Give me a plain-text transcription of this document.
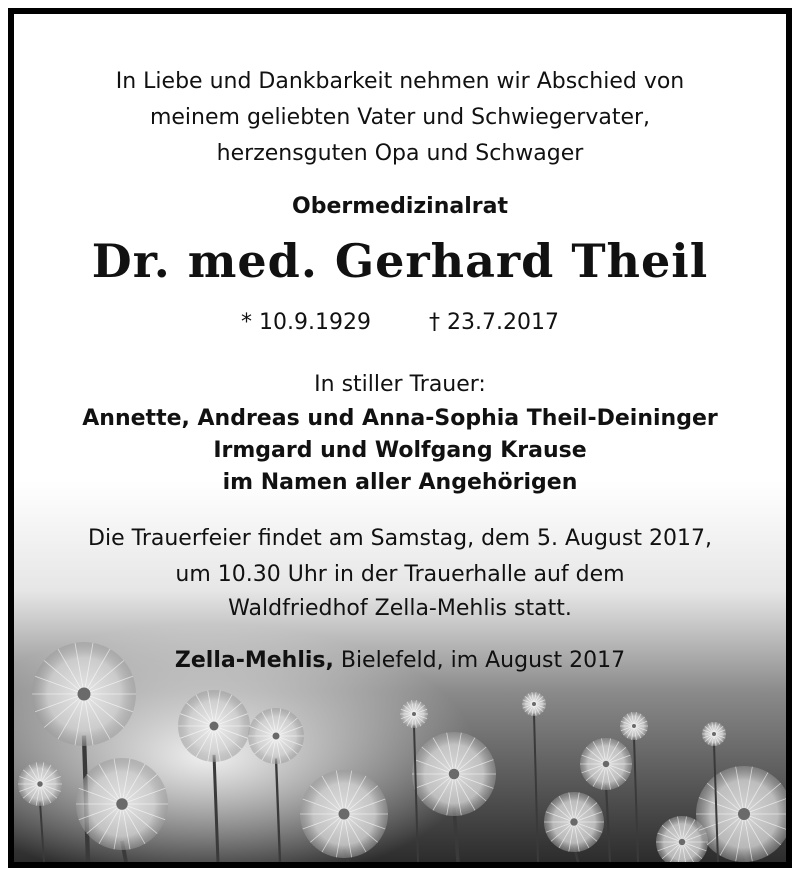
In Liebe und Dankbarkeit nehmen wir Abschied von
meinem geliebten Vater und Schwiegervater,
herzensguten Opa und Schwager
Obermedizinalrat
Dr. med. Gerhard Theil
* 10.9.1929	† 23.7.2017
In stiller Trauer:
Annette, Andreas und Anna-Sophia Theil-Deininger
Irmgard und Wolfgang Krause
im Namen aller Angehörigen
Die Trauerfeier findet am Samstag, dem 5. August 2017,
um 10.30 Uhr in der Trauerhalle auf dem
Waldfriedhof Zella-Mehlis statt.
Zella-Mehlis, Bielefeld, im August 2017
